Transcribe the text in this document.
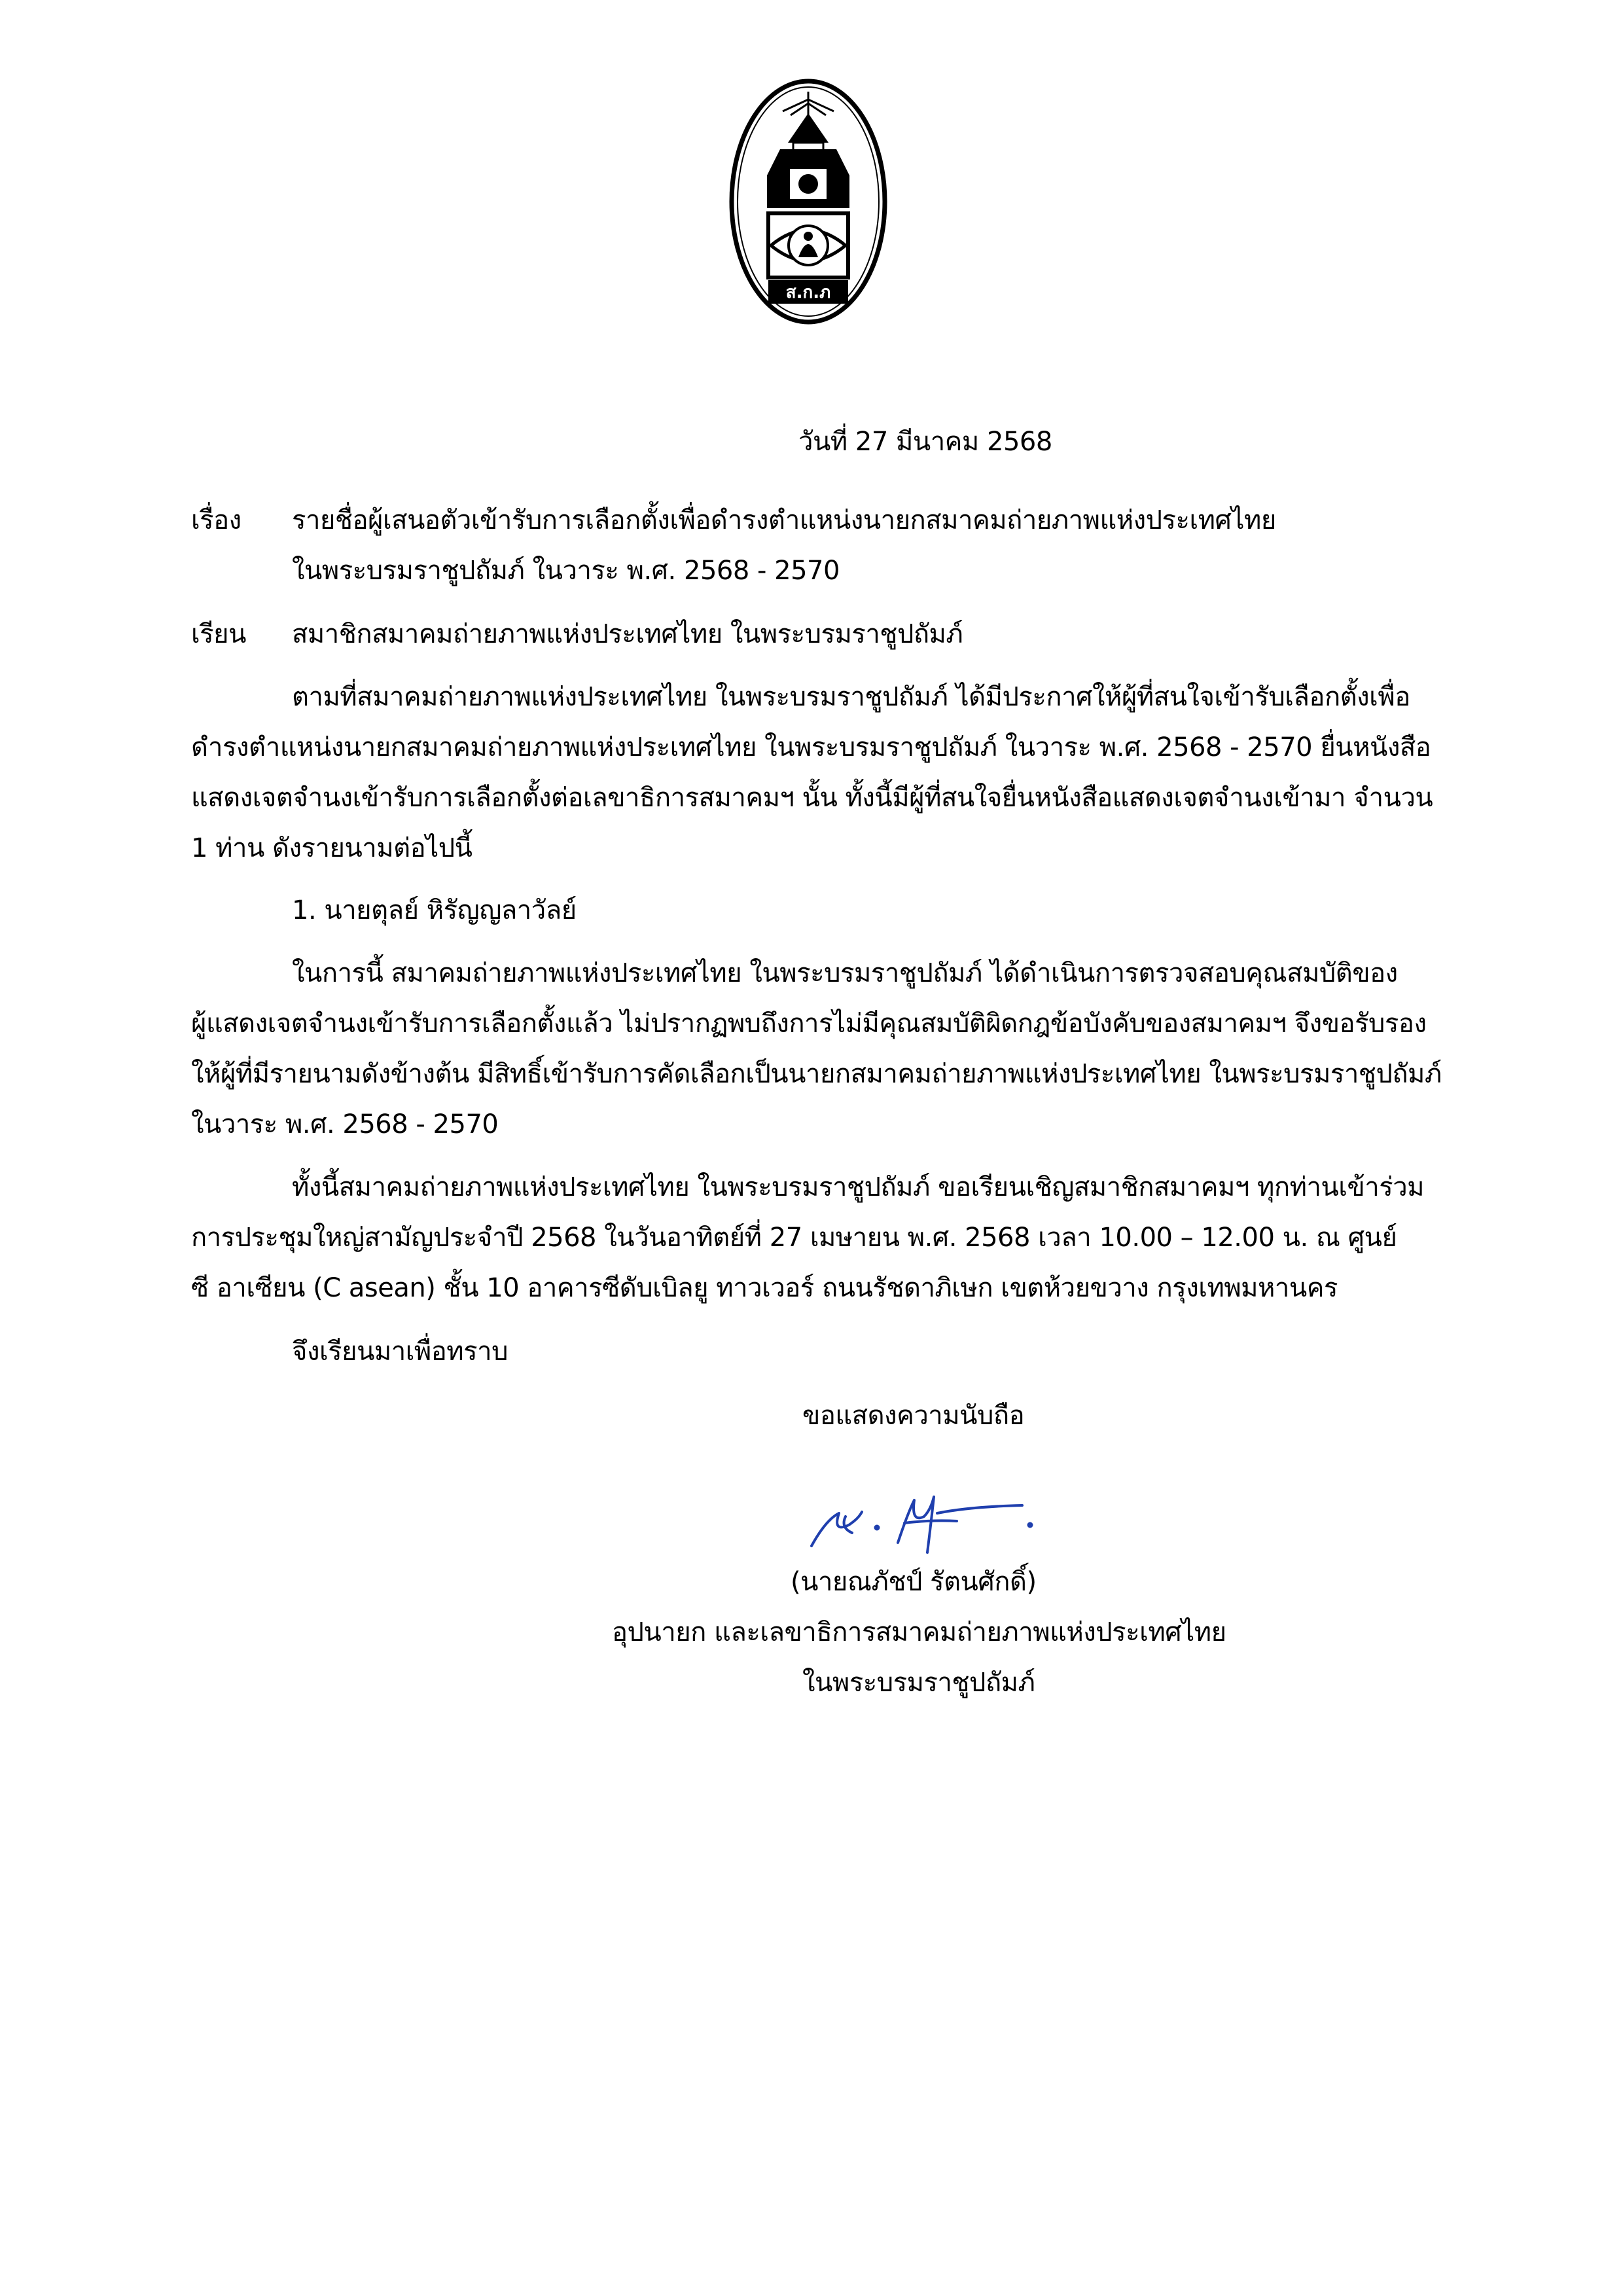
ส.ก.ภ
วันที่ 27 มีนาคม 2568
เรื่อง รายชื่อผู้เสนอตัวเข้ารับการเลือกตั้งเพื่อดำรงตำแหน่งนายกสมาคมถ่ายภาพแห่งประเทศไทย
ในพระบรมราชูปถัมภ์ ในวาระ พ.ศ. 2568 - 2570
เรียน สมาชิกสมาคมถ่ายภาพแห่งประเทศไทย ในพระบรมราชูปถัมภ์
ตามที่สมาคมถ่ายภาพแห่งประเทศไทย ในพระบรมราชูปถัมภ์ ได้มีประกาศให้ผู้ที่สนใจเข้ารับเลือกตั้งเพื่อ
ดำรงตำแหน่งนายกสมาคมถ่ายภาพแห่งประเทศไทย ในพระบรมราชูปถัมภ์ ในวาระ พ.ศ. 2568 - 2570 ยื่นหนังสือ
แสดงเจตจำนงเข้ารับการเลือกตั้งต่อเลขาธิการสมาคมฯ นั้น ทั้งนี้มีผู้ที่สนใจยื่นหนังสือแสดงเจตจำนงเข้ามา จำนวน
1 ท่าน ดังรายนามต่อไปนี้
1. นายตุลย์ หิรัญญลาวัลย์
ในการนี้ สมาคมถ่ายภาพแห่งประเทศไทย ในพระบรมราชูปถัมภ์ ได้ดำเนินการตรวจสอบคุณสมบัติของ
ผู้แสดงเจตจำนงเข้ารับการเลือกตั้งแล้ว ไม่ปรากฏพบถึงการไม่มีคุณสมบัติผิดกฎข้อบังคับของสมาคมฯ จึงขอรับรอง
ให้ผู้ที่มีรายนามดังข้างต้น มีสิทธิ์เข้ารับการคัดเลือกเป็นนายกสมาคมถ่ายภาพแห่งประเทศไทย ในพระบรมราชูปถัมภ์
ในวาระ พ.ศ. 2568 - 2570
ทั้งนี้สมาคมถ่ายภาพแห่งประเทศไทย ในพระบรมราชูปถัมภ์ ขอเรียนเชิญสมาชิกสมาคมฯ ทุกท่านเข้าร่วม
การประชุมใหญ่สามัญประจำปี 2568 ในวันอาทิตย์ที่ 27 เมษายน พ.ศ. 2568 เวลา 10.00 – 12.00 น. ณ ศูนย์
ซี อาเซียน (C asean) ชั้น 10 อาคารซีดับเบิลยู ทาวเวอร์ ถนนรัชดาภิเษก เขตห้วยขวาง กรุงเทพมหานคร
จึงเรียนมาเพื่อทราบ
ขอแสดงความนับถือ
(นายณภัชป์ รัตนศักดิ์)
อุปนายก และเลขาธิการสมาคมถ่ายภาพแห่งประเทศไทย
ในพระบรมราชูปถัมภ์
